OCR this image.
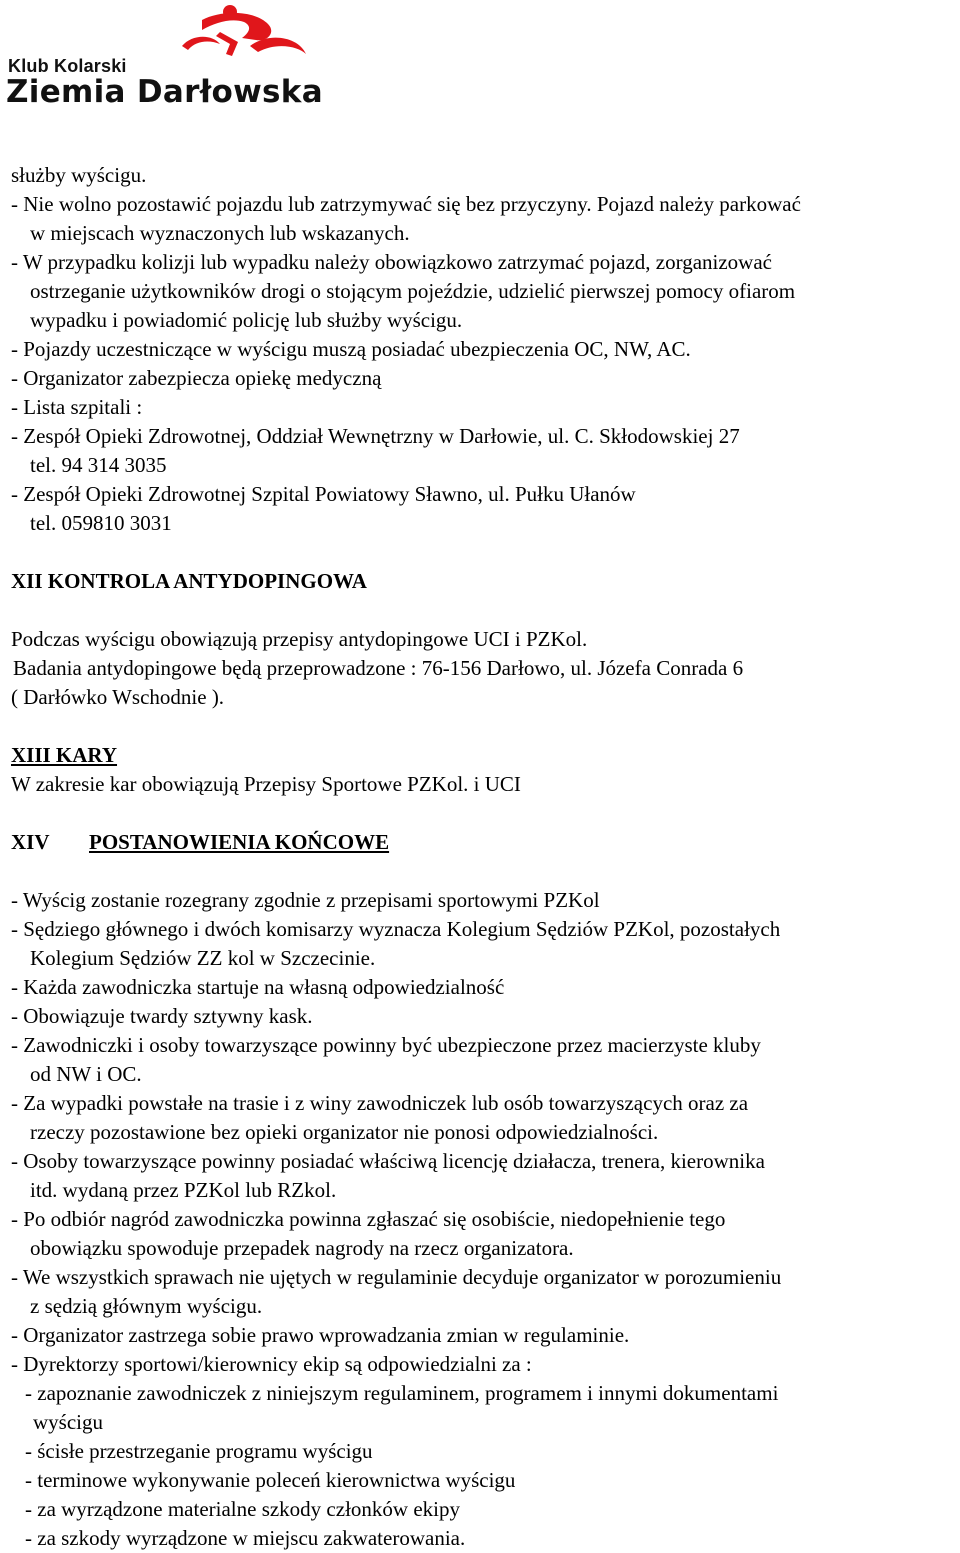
Klub Kolarski
Ziemia Darłowska
służby wyścigu.
- Nie wolno pozostawić pojazdu lub zatrzymywać się bez przyczyny. Pojazd należy parkować
w miejscach wyznaczonych lub wskazanych.
- W przypadku kolizji lub wypadku należy obowiązkowo zatrzymać pojazd, zorganizować
ostrzeganie użytkowników drogi o stojącym pojeździe, udzielić pierwszej pomocy ofiarom
wypadku i powiadomić policję lub służby wyścigu.
- Pojazdy uczestniczące w wyścigu muszą posiadać ubezpieczenia OC, NW, AC.
- Organizator zabezpiecza opiekę medyczną
- Lista szpitali :
- Zespół Opieki Zdrowotnej, Oddział Wewnętrzny w Darłowie, ul. C. Skłodowskiej 27
tel. 94 314 3035
- Zespół Opieki Zdrowotnej Szpital Powiatowy Sławno, ul. Pułku Ułanów
tel. 059810 3031
XII KONTROLA ANTYDOPINGOWA
Podczas wyścigu obowiązują przepisy antydopingowe UCI i PZKol.
Badania antydopingowe będą przeprowadzone : 76-156 Darłowo, ul. Józefa Conrada 6
( Darłówko Wschodnie ).
XIII KARY
W zakresie kar obowiązują Przepisy Sportowe PZKol. i UCI
XIV POSTANOWIENIA KOŃCOWE
- Wyścig zostanie rozegrany zgodnie z przepisami sportowymi PZKol
- Sędziego głównego i dwóch komisarzy wyznacza Kolegium Sędziów PZKol, pozostałych
Kolegium Sędziów ZZ kol w Szczecinie.
- Każda zawodniczka startuje na własną odpowiedzialność
- Obowiązuje twardy sztywny kask.
- Zawodniczki i osoby towarzyszące powinny być ubezpieczone przez macierzyste kluby
od NW i OC.
- Za wypadki powstałe na trasie i z winy zawodniczek lub osób towarzyszących oraz za
rzeczy pozostawione bez opieki organizator nie ponosi odpowiedzialności.
- Osoby towarzyszące powinny posiadać właściwą licencję działacza, trenera, kierownika
itd. wydaną przez PZKol lub RZkol.
- Po odbiór nagród zawodniczka powinna zgłaszać się osobiście, niedopełnienie tego
obowiązku spowoduje przepadek nagrody na rzecz organizatora.
- We wszystkich sprawach nie ujętych w regulaminie decyduje organizator w porozumieniu
z sędzią głównym wyścigu.
- Organizator zastrzega sobie prawo wprowadzania zmian w regulaminie.
- Dyrektorzy sportowi/kierownicy ekip są odpowiedzialni za :
- zapoznanie zawodniczek z niniejszym regulaminem, programem i innymi dokumentami
wyścigu
- ścisłe przestrzeganie programu wyścigu
- terminowe wykonywanie poleceń kierownictwa wyścigu
- za wyrządzone materialne szkody członków ekipy
- za szkody wyrządzone w miejscu zakwaterowania.
